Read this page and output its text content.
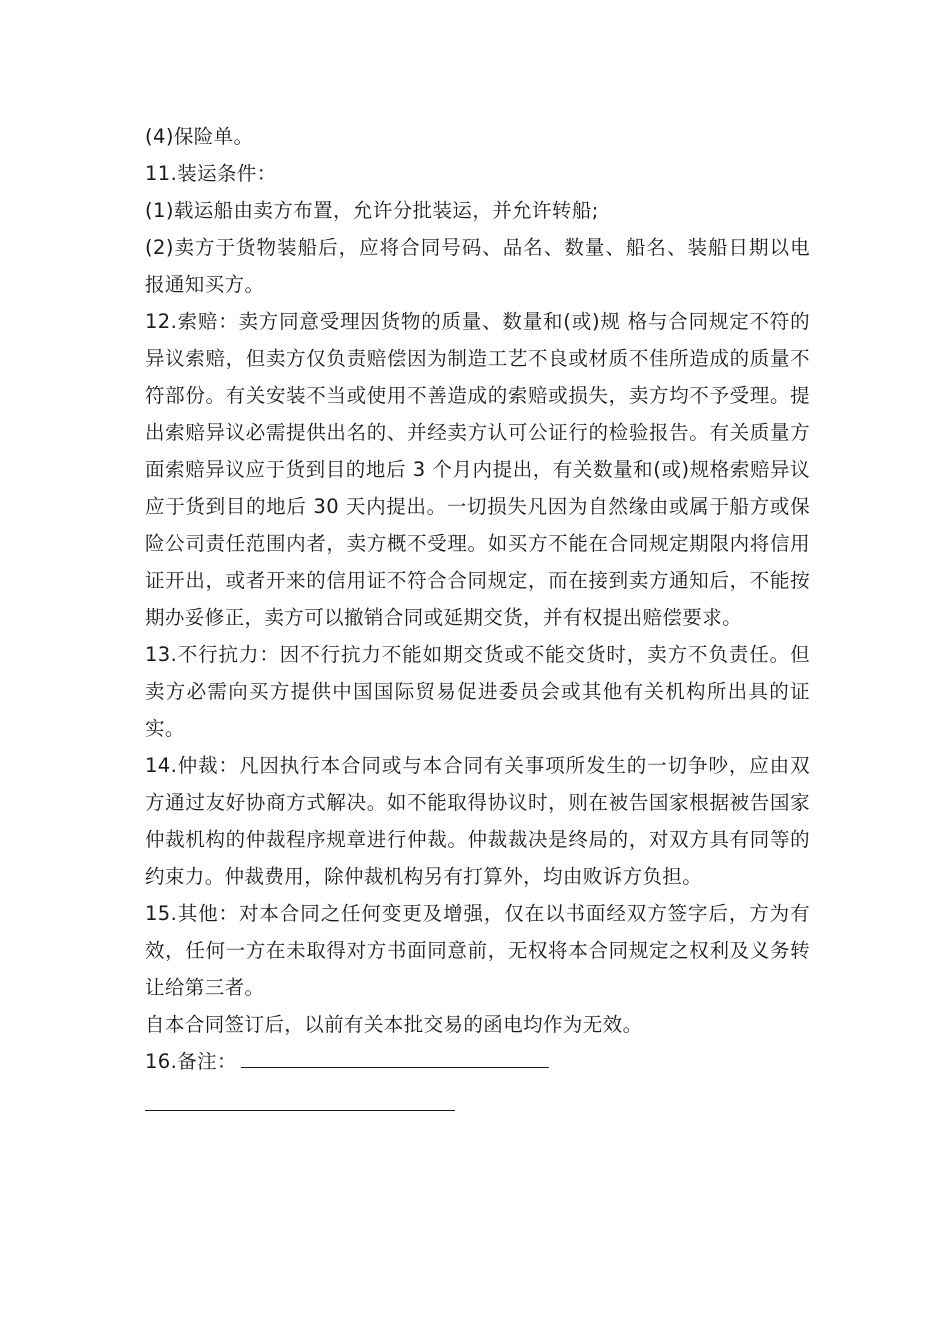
(4)保险单。

11.装运条件：

(1)载运船由卖方布置，允许分批装运，并允许转船;

(2)卖方于货物装船后，应将合同号码、品名、数量、船名、装船日期以电报通知买方。

12.索赔：卖方同意受理因货物的质量、数量和(或)规 格与合同规定不符的异议索赔，但卖方仅负责赔偿因为制造工艺不良或材质不佳所造成的质量不符部份。有关安装不当或使用不善造成的索赔或损失，卖方均不予受理。提出索赔异议必需提供出名的、并经卖方认可公证行的检验报告。有关质量方面索赔异议应于货到目的地后 3 个月内提出，有关数量和(或)规格索赔异议应于货到目的地后 30 天内提出。一切损失凡因为自然缘由或属于船方或保险公司责任范围内者，卖方概不受理。如买方不能在合同规定期限内将信用证开出，或者开来的信用证不符合合同规定，而在接到卖方通知后，不能按期办妥修正，卖方可以撤销合同或延期交货，并有权提出赔偿要求。

13.不行抗力：因不行抗力不能如期交货或不能交货时，卖方不负责任。但卖方必需向买方提供中国国际贸易促进委员会或其他有关机构所出具的证实。

14.仲裁：凡因执行本合同或与本合同有关事项所发生的一切争吵，应由双方通过友好协商方式解决。如不能取得协议时，则在被告国家根据被告国家仲裁机构的仲裁程序规章进行仲裁。仲裁裁决是终局的，对双方具有同等的约束力。仲裁费用，除仲裁机构另有打算外，均由败诉方负担。

15.其他：对本合同之任何变更及增强，仅在以书面经双方签字后，方为有效，任何一方在未取得对方书面同意前，无权将本合同规定之权利及义务转让给第三者。

自本合同签订后，以前有关本批交易的函电均作为无效。

16.备注：
